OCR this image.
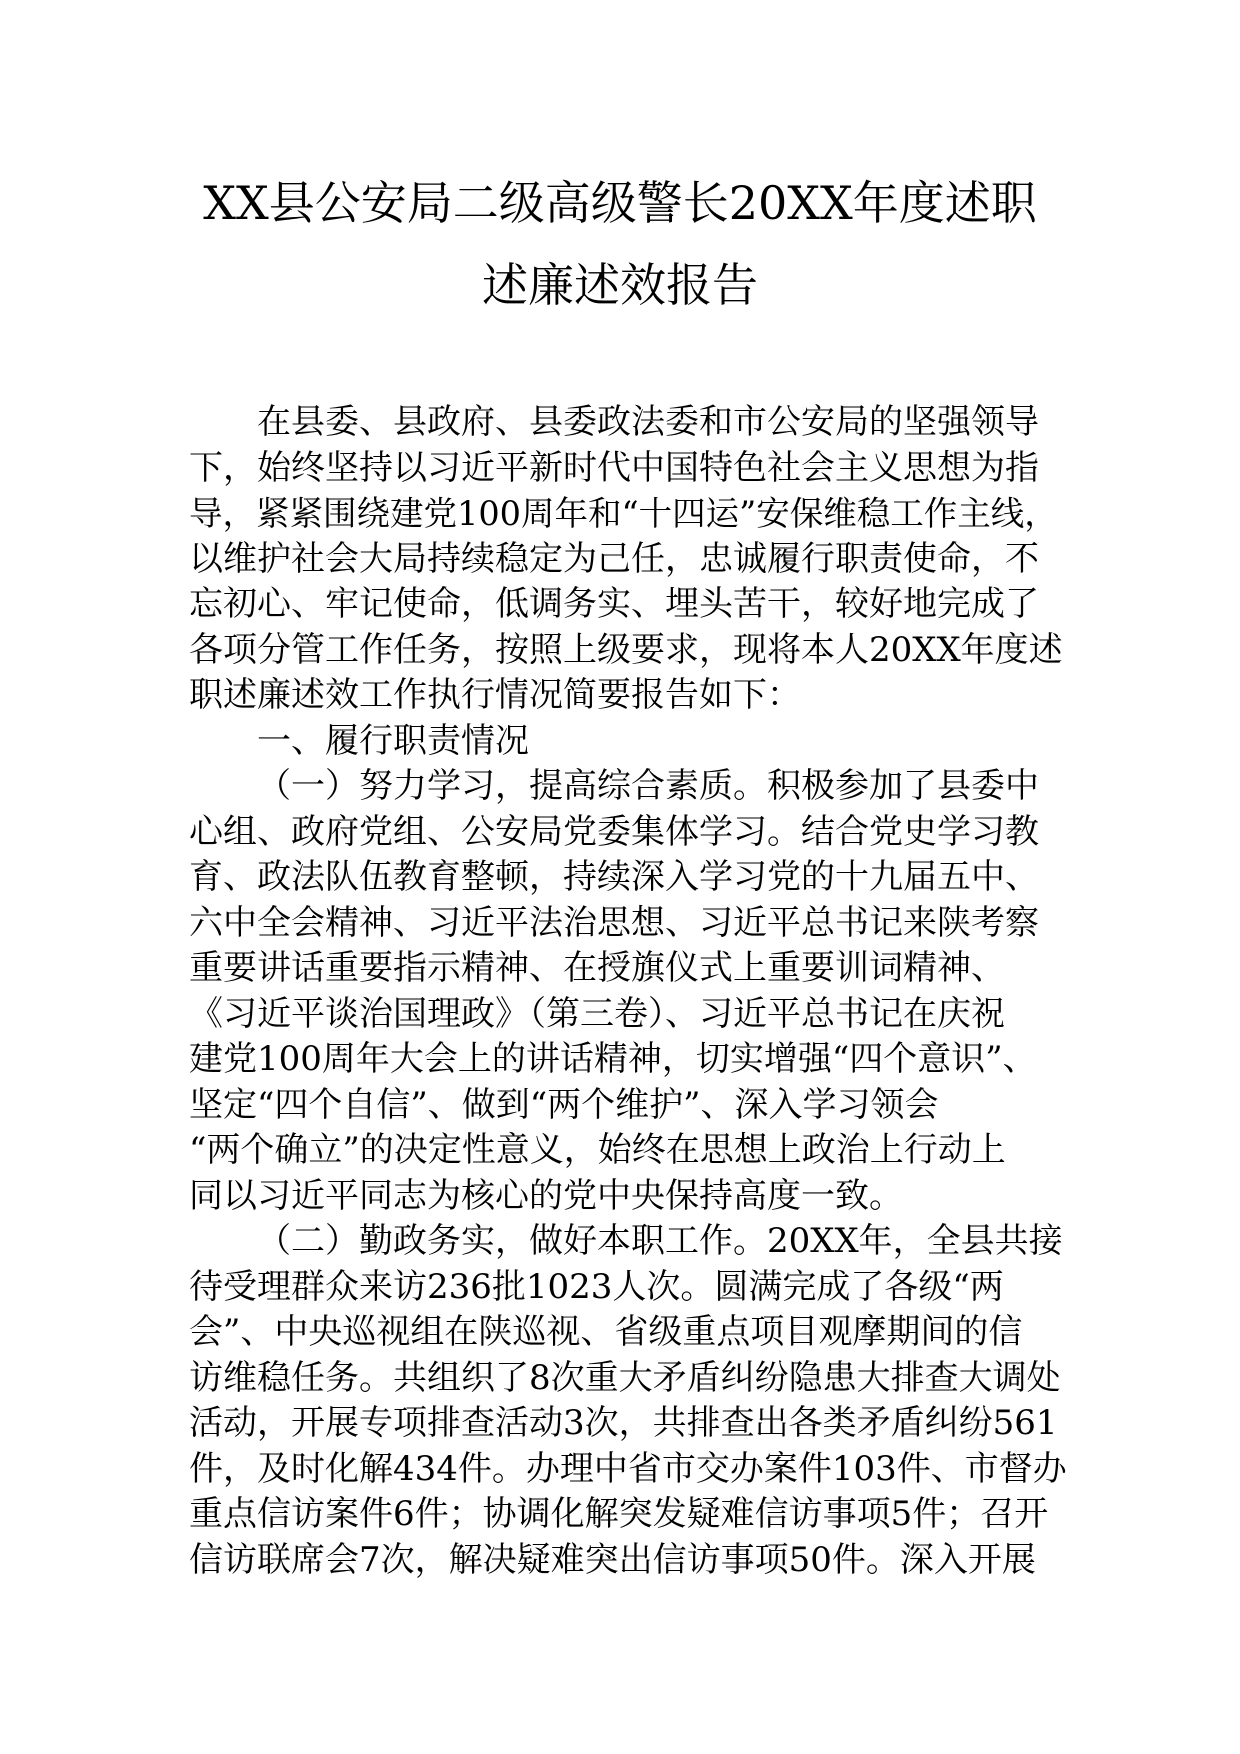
XX县公安局二级高级警长20XX年度述职
述廉述效报告
在县委、县政府、县委政法委和市公安局的坚强领导
下，始终坚持以习近平新时代中国特色社会主义思想为指
导，紧紧围绕建党100周年和“十四运”安保维稳工作主线，
以维护社会大局持续稳定为己任，忠诚履行职责使命，不
忘初心、牢记使命，低调务实、埋头苦干，较好地完成了
各项分管工作任务，按照上级要求，现将本人20XX年度述
职述廉述效工作执行情况简要报告如下：
一、履行职责情况
（一）努力学习，提高综合素质。积极参加了县委中
心组、政府党组、公安局党委集体学习。结合党史学习教
育、政法队伍教育整顿，持续深入学习党的十九届五中、
六中全会精神、习近平法治思想、习近平总书记来陕考察
重要讲话重要指示精神、在授旗仪式上重要训词精神、
《习近平谈治国理政》（第三卷）、习近平总书记在庆祝
建党100周年大会上的讲话精神，切实增强“四个意识”、
坚定“四个自信”、做到“两个维护”、深入学习领会
“两个确立”的决定性意义，始终在思想上政治上行动上
同以习近平同志为核心的党中央保持高度一致。
（二）勤政务实，做好本职工作。20XX年，全县共接
待受理群众来访236批1023人次。圆满完成了各级“两
会”、中央巡视组在陕巡视、省级重点项目观摩期间的信
访维稳任务。共组织了8次重大矛盾纠纷隐患大排查大调处
活动，开展专项排查活动3次，共排查出各类矛盾纠纷561
件，及时化解434件。办理中省市交办案件103件、市督办
重点信访案件6件；协调化解突发疑难信访事项5件；召开
信访联席会7次，解决疑难突出信访事项50件。深入开展
